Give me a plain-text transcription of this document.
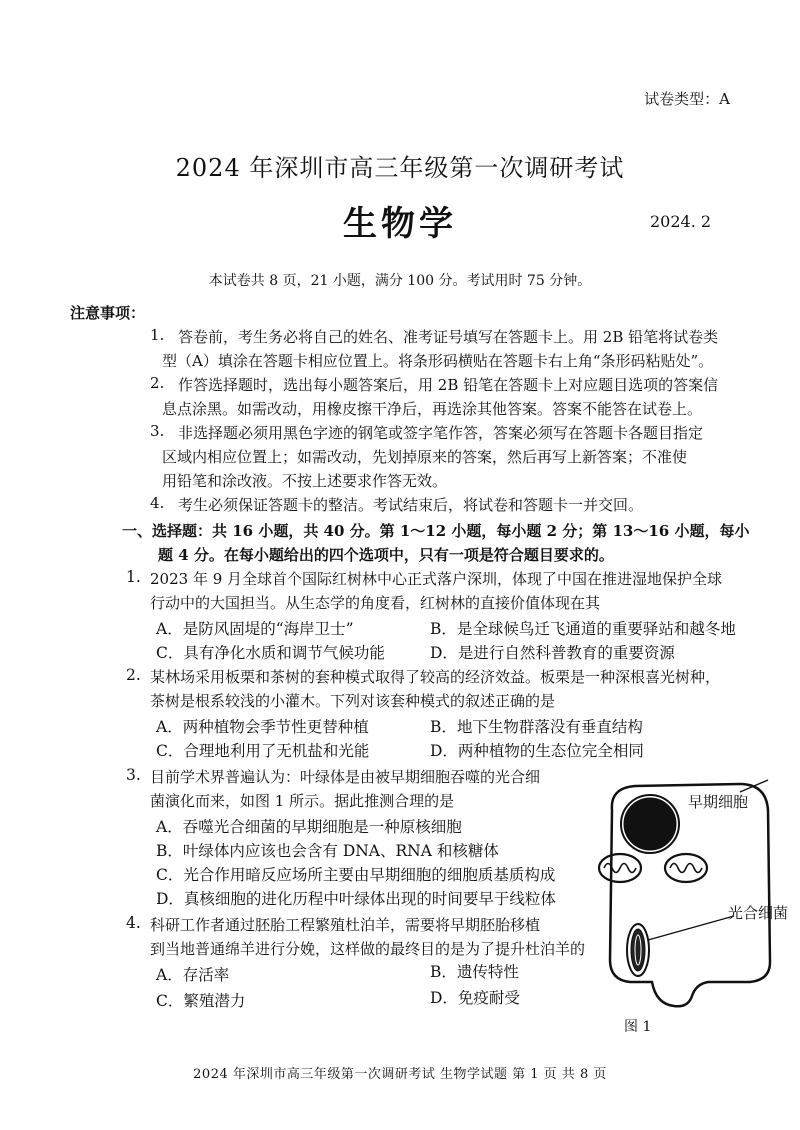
试卷类型：A
2024 年深圳市高三年级第一次调研考试
生物学	2024. 2
本试卷共 8 页，21 小题，满分 100 分。考试用时 75 分钟。
注意事项：
1. 答卷前，考生务必将自己的姓名、准考证号填写在答题卡上。用 2B 铅笔将试卷类
型（A）填涂在答题卡相应位置上。将条形码横贴在答题卡右上角“条形码粘贴处”。
2. 作答选择题时，选出每小题答案后，用 2B 铅笔在答题卡上对应题目选项的答案信
息点涂黑。如需改动，用橡皮擦干净后，再选涂其他答案。答案不能答在试卷上。
3. 非选择题必须用黑色字迹的钢笔或签字笔作答，答案必须写在答题卡各题目指定
区域内相应位置上；如需改动，先划掉原来的答案，然后再写上新答案；不准使
用铅笔和涂改液。不按上述要求作答无效。
4. 考生必须保证答题卡的整洁。考试结束后，将试卷和答题卡一并交回。
一、选择题：共 16 小题，共 40 分。第 1～12 小题，每小题 2 分；第 13～16 小题，每小
题 4 分。在每小题给出的四个选项中，只有一项是符合题目要求的。
1. 2023 年 9 月全球首个国际红树林中心正式落户深圳，体现了中国在推进湿地保护全球
行动中的大国担当。从生态学的角度看，红树林的直接价值体现在其
A．是防风固堤的“海岸卫士”	B．是全球候鸟迁飞通道的重要驿站和越冬地
C．具有净化水质和调节气候功能	D．是进行自然科普教育的重要资源
2. 某林场采用板栗和茶树的套种模式取得了较高的经济效益。板栗是一种深根喜光树种，
茶树是根系较浅的小灌木。下列对该套种模式的叙述正确的是
A．两种植物会季节性更替种植	B．地下生物群落没有垂直结构
C．合理地利用了无机盐和光能	D．两种植物的生态位完全相同
3. 目前学术界普遍认为：叶绿体是由被早期细胞吞噬的光合细
菌演化而来，如图 1 所示。据此推测合理的是
A．吞噬光合细菌的早期细胞是一种原核细胞
B．叶绿体内应该也会含有 DNA、RNA 和核糖体
C．光合作用暗反应场所主要由早期细胞的细胞质基质构成
D．真核细胞的进化历程中叶绿体出现的时间要早于线粒体
4. 科研工作者通过胚胎工程繁殖杜泊羊，需要将早期胚胎移植
到当地普通绵羊进行分娩，这样做的最终目的是为了提升杜泊羊的
A．存活率	B．遗传特性
C．繁殖潜力	D．免疫耐受
早期细胞
光合细菌
图 1
2024 年深圳市高三年级第一次调研考试 生物学试题 第 1 页 共 8 页
